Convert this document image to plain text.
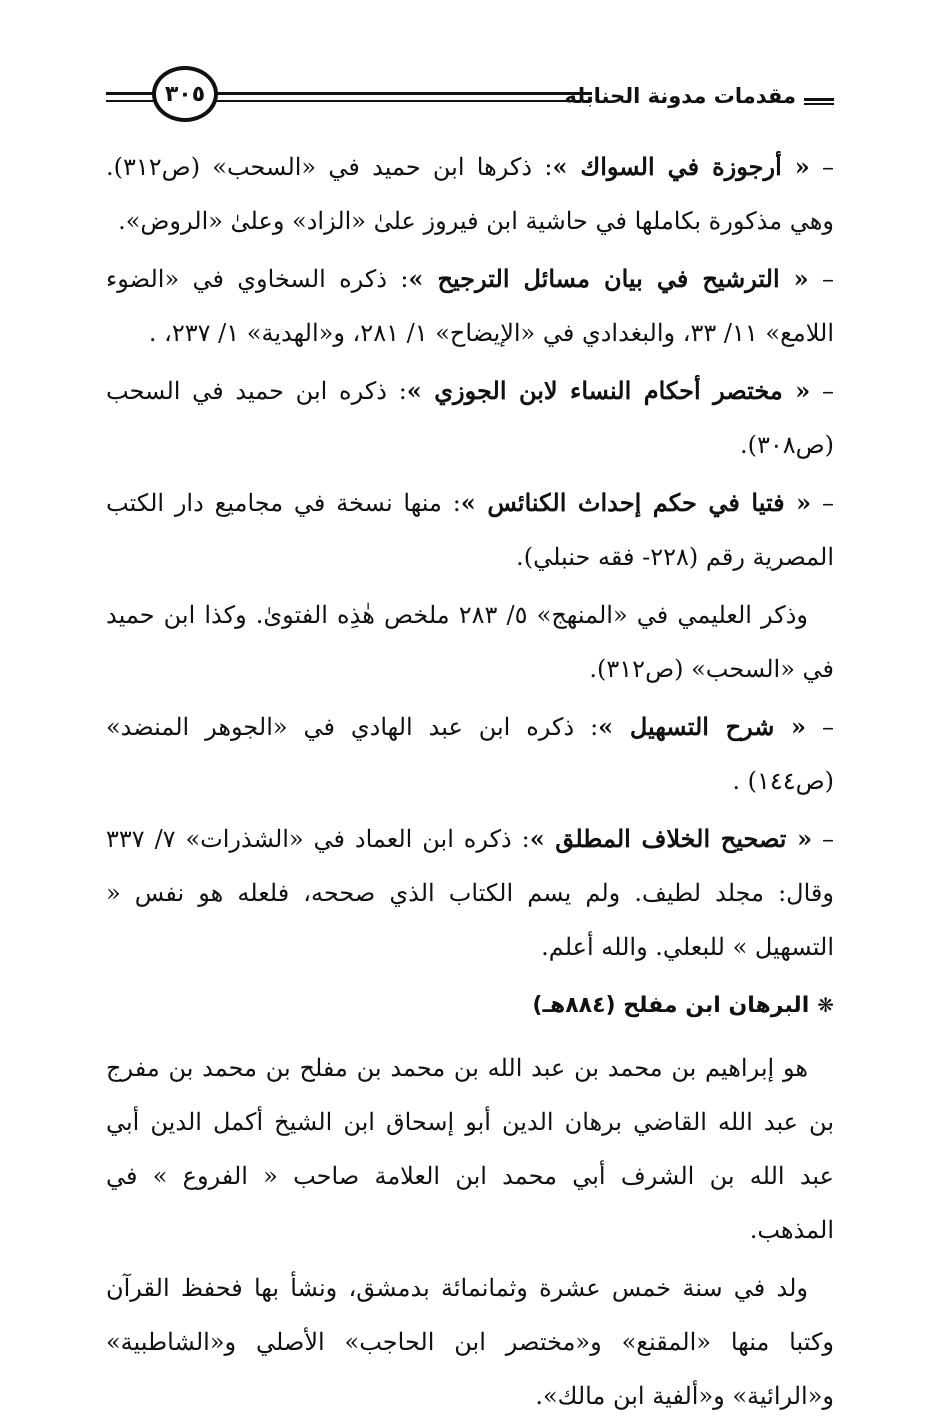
مقدمات مدونة الحنابلة
٣٠٥

– « أرجوزة في السواك »: ذكرها ابن حميد في «السحب» (ص٣١٢). وهي مذكورة بكاملها في حاشية ابن فيروز علىٰ «الزاد» وعلىٰ «الروض».

– « الترشيح في بيان مسائل الترجيح »: ذكره السخاوي في «الضوء اللامع» ١١/ ٣٣، والبغدادي في «الإيضاح» ١/ ٢٨١، و«الهدية» ١/ ٢٣٧، .

– « مختصر أحكام النساء لابن الجوزي »: ذكره ابن حميد في السحب (ص٣٠٨).

– « فتيا في حكم إحداث الكنائس »: منها نسخة في مجاميع دار الكتب المصرية رقم (٢٢٨- فقه حنبلي).

وذكر العليمي في «المنهج» ٥/ ٢٨٣ ملخص هٰذِه الفتوىٰ. وكذا ابن حميد في «السحب» (ص٣١٢).

– « شرح التسهيل »: ذكره ابن عبد الهادي في «الجوهر المنضد» (ص١٤٤) .

– « تصحيح الخلاف المطلق »: ذكره ابن العماد في «الشذرات» ٧/ ٣٣٧ وقال: مجلد لطيف. ولم يسم الكتاب الذي صححه، فلعله هو نفس « التسهيل » للبعلي. والله أعلم.

❋البرهان ابن مفلح (٨٨٤هـ)

هو إبراهيم بن محمد بن عبد الله بن محمد بن مفلح بن محمد بن مفرج بن عبد الله القاضي برهان الدين أبو إسحاق ابن الشيخ أكمل الدين أبي عبد الله بن الشرف أبي محمد ابن العلامة صاحب « الفروع » في المذهب.

ولد في سنة خمس عشرة وثمانمائة بدمشق، ونشأ بها فحفظ القرآن وكتبا منها «المقنع» و«مختصر ابن الحاجب» الأصلي و«الشاطبية» و«الرائية» و«ألفية ابن مالك».
